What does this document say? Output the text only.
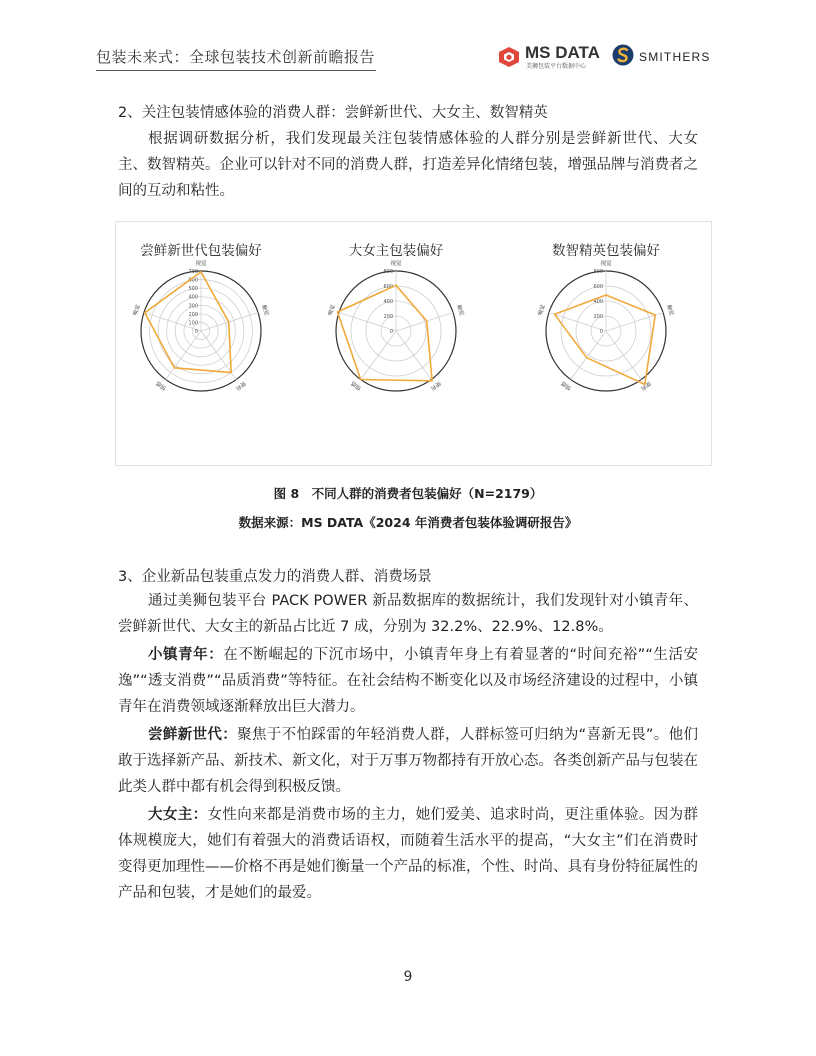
包装未来式：全球包装技术创新前瞻报告	MS DATA
美狮包装平台数据中心
SMITHERS
2、关注包装情感体验的消费人群：尝鲜新世代、大女主、数智精英

根据调研数据分析，我们发现最关注包装情感体验的人群分别是尝鲜新世代、大女主、数智精英。企业可以针对不同的消费人群，打造差异化情绪包装，增强品牌与消费者之间的互动和粘性。

尝鲜新世代包装偏好
0
100
200
300
400
500
600
700
视觉
触觉
便利
情感
嗅觉
大女主包装偏好
0
200
400
600
800
视觉
触觉
便利
情感
嗅觉
数智精英包装偏好
0
200
400
600
800
视觉
触觉
便利
情感
嗅觉
图 8　不同人群的消费者包装偏好（N=2179）
数据来源：MS DATA《2024 年消费者包装体验调研报告》
3、企业新品包装重点发力的消费人群、消费场景

通过美狮包装平台 PACK POWER 新品数据库的数据统计，我们发现针对小镇青年、尝鲜新世代、大女主的新品占比近 7 成，分别为 32.2%、22.9%、12.8%。

小镇青年：在不断崛起的下沉市场中，小镇青年身上有着显著的“时间充裕”“生活安逸”“透支消费”“品质消费”等特征。在社会结构不断变化以及市场经济建设的过程中，小镇青年在消费领域逐渐释放出巨大潜力。

尝鲜新世代：聚焦于不怕踩雷的年轻消费人群，人群标签可归纳为“喜新无畏”。他们敢于选择新产品、新技术、新文化，对于万事万物都持有开放心态。各类创新产品与包装在此类人群中都有机会得到积极反馈。

大女主：女性向来都是消费市场的主力，她们爱美、追求时尚，更注重体验。因为群体规模庞大，她们有着强大的消费话语权，而随着生活水平的提高，“大女主”们在消费时变得更加理性——价格不再是她们衡量一个产品的标准，个性、时尚、具有身份特征属性的产品和包装，才是她们的最爱。

9
